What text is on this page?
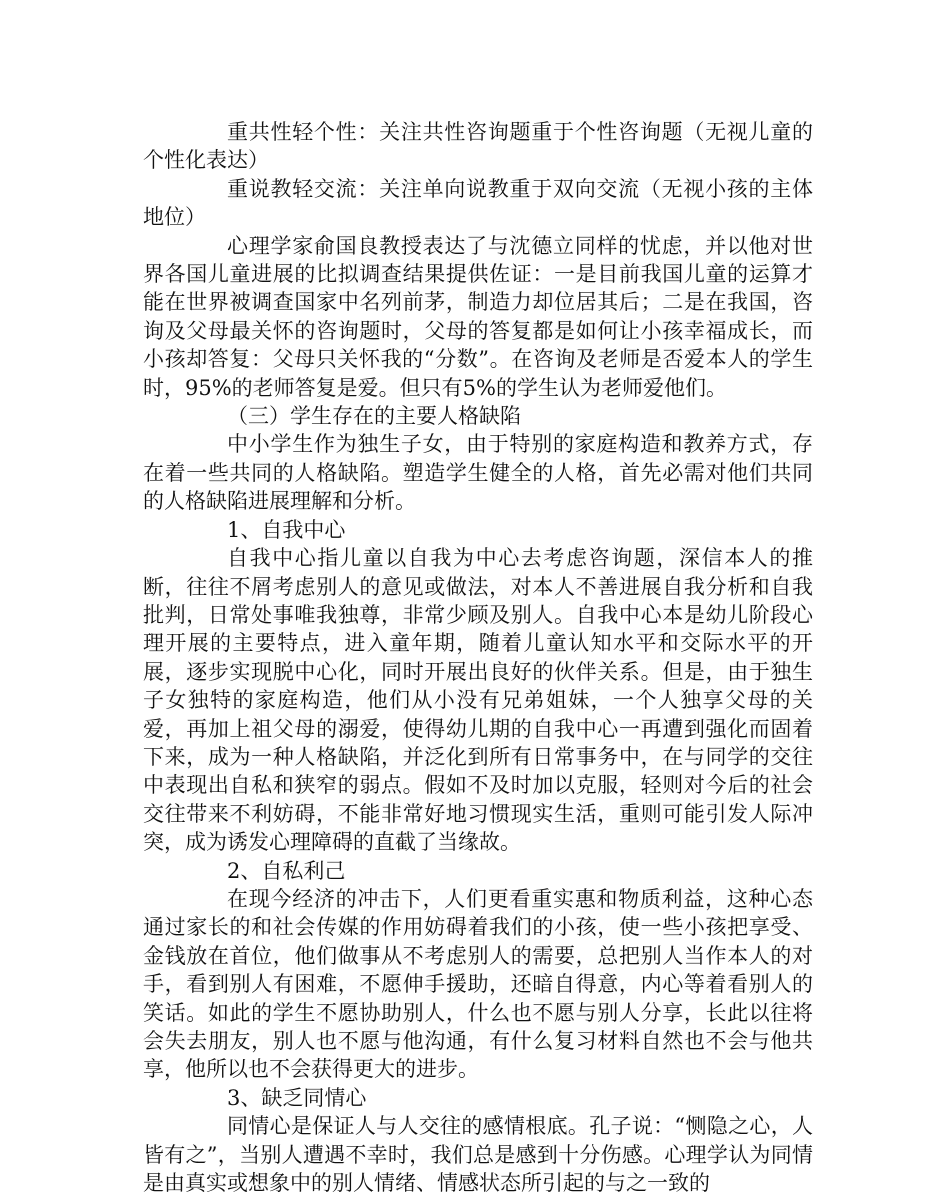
重共性轻个性：关注共性咨询题重于个性咨询题（无视儿童的个性化表达）

重说教轻交流：关注单向说教重于双向交流（无视小孩的主体地位）

心理学家俞国良教授表达了与沈德立同样的忧虑，并以他对世界各国儿童进展的比拟调查结果提供佐证：一是目前我国儿童的运算才能在世界被调查国家中名列前茅，制造力却位居其后；二是在我国，咨询及父母最关怀的咨询题时，父母的答复都是如何让小孩幸福成长，而小孩却答复：父母只关怀我的“分数”。在咨询及老师是否爱本人的学生时，95%的老师答复是爱。但只有5%的学生认为老师爱他们。

（三）学生存在的主要人格缺陷

中小学生作为独生子女，由于特别的家庭构造和教养方式，存在着一些共同的人格缺陷。塑造学生健全的人格，首先必需对他们共同的人格缺陷进展理解和分析。

1、自我中心

自我中心指儿童以自我为中心去考虑咨询题，深信本人的推断，往往不屑考虑别人的意见或做法，对本人不善进展自我分析和自我批判，日常处事唯我独尊，非常少顾及别人。自我中心本是幼儿阶段心理开展的主要特点，进入童年期，随着儿童认知水平和交际水平的开展，逐步实现脱中心化，同时开展出良好的伙伴关系。但是，由于独生子女独特的家庭构造，他们从小没有兄弟姐妹，一个人独享父母的关爱，再加上祖父母的溺爱，使得幼儿期的自我中心一再遭到强化而固着下来，成为一种人格缺陷，并泛化到所有日常事务中，在与同学的交往中表现出自私和狭窄的弱点。假如不及时加以克服，轻则对今后的社会交往带来不利妨碍，不能非常好地习惯现实生活，重则可能引发人际冲突，成为诱发心理障碍的直截了当缘故。

2、自私利己

在现今经济的冲击下，人们更看重实惠和物质利益，这种心态通过家长的和社会传媒的作用妨碍着我们的小孩，使一些小孩把享受、金钱放在首位，他们做事从不考虑别人的需要，总把别人当作本人的对手，看到别人有困难，不愿伸手援助，还暗自得意，内心等着看别人的笑话。如此的学生不愿协助别人，什么也不愿与别人分享，长此以往将会失去朋友，别人也不愿与他沟通，有什么复习材料自然也不会与他共享，他所以也不会获得更大的进步。

3、缺乏同情心

同情心是保证人与人交往的感情根底。孔子说：“恻隐之心，人皆有之”，当别人遭遇不幸时，我们总是感到十分伤感。心理学认为同情是由真实或想象中的别人情绪、情感状态所引起的与之一致的
